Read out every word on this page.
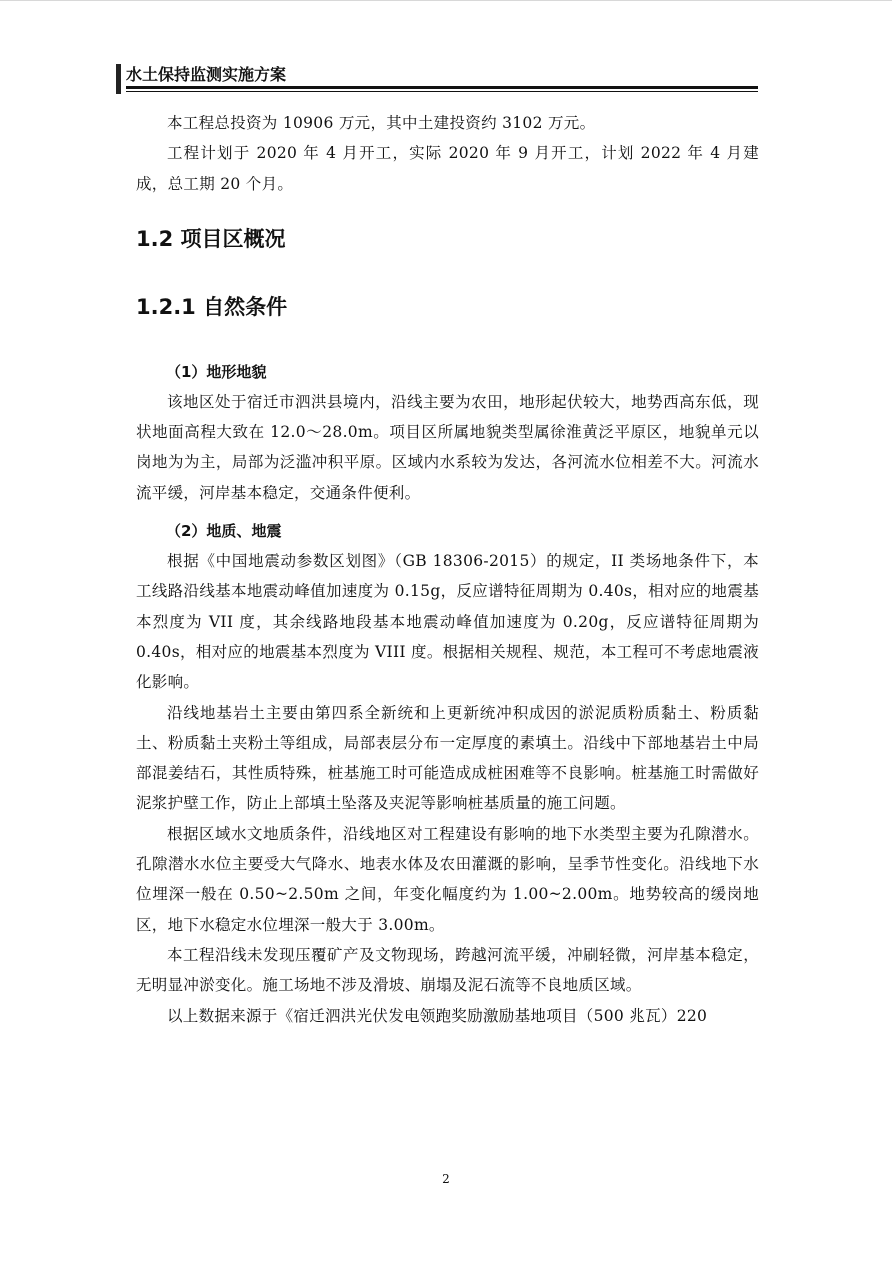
水土保持监测实施方案

本工程总投资为 10906 万元，其中土建投资约 3102 万元。

工程计划于 2020 年 4 月开工，实际 2020 年 9 月开工，计划 2022 年 4 月建成，总工期 20 个月。

1.2 项目区概况
1.2.1 自然条件
（1）地形地貌

该地区处于宿迁市泗洪县境内，沿线主要为农田，地形起伏较大，地势西高东低，现状地面高程大致在 12.0～28.0m。项目区所属地貌类型属徐淮黄泛平原区，地貌单元以岗地为为主，局部为泛滥冲积平原。区域内水系较为发达，各河流水位相差不大。河流水流平缓，河岸基本稳定，交通条件便利。

（2）地质、地震

根据《中国地震动参数区划图》（GB 18306-2015）的规定，II 类场地条件下，本工线路沿线基本地震动峰值加速度为 0.15g，反应谱特征周期为 0.40s，相对应的地震基本烈度为 VII 度，其余线路地段基本地震动峰值加速度为 0.20g，反应谱特征周期为 0.40s，相对应的地震基本烈度为 VIII 度。根据相关规程、规范，本工程可不考虑地震液化影响。

沿线地基岩土主要由第四系全新统和上更新统冲积成因的淤泥质粉质黏土、粉质黏土、粉质黏土夹粉土等组成，局部表层分布一定厚度的素填土。沿线中下部地基岩土中局部混姜结石，其性质特殊，桩基施工时可能造成成桩困难等不良影响。桩基施工时需做好泥浆护壁工作，防止上部填土坠落及夹泥等影响桩基质量的施工问题。

根据区域水文地质条件，沿线地区对工程建设有影响的地下水类型主要为孔隙潜水。孔隙潜水水位主要受大气降水、地表水体及农田灌溉的影响，呈季节性变化。沿线地下水位埋深一般在 0.50~2.50m 之间，年变化幅度约为 1.00~2.00m。地势较高的缓岗地区，地下水稳定水位埋深一般大于 3.00m。

本工程沿线未发现压覆矿产及文物现场，跨越河流平缓，冲刷轻微，河岸基本稳定，无明显冲淤变化。施工场地不涉及滑坡、崩塌及泥石流等不良地质区域。

以上数据来源于《宿迁泗洪光伏发电领跑奖励激励基地项目（500 兆瓦）220

2
